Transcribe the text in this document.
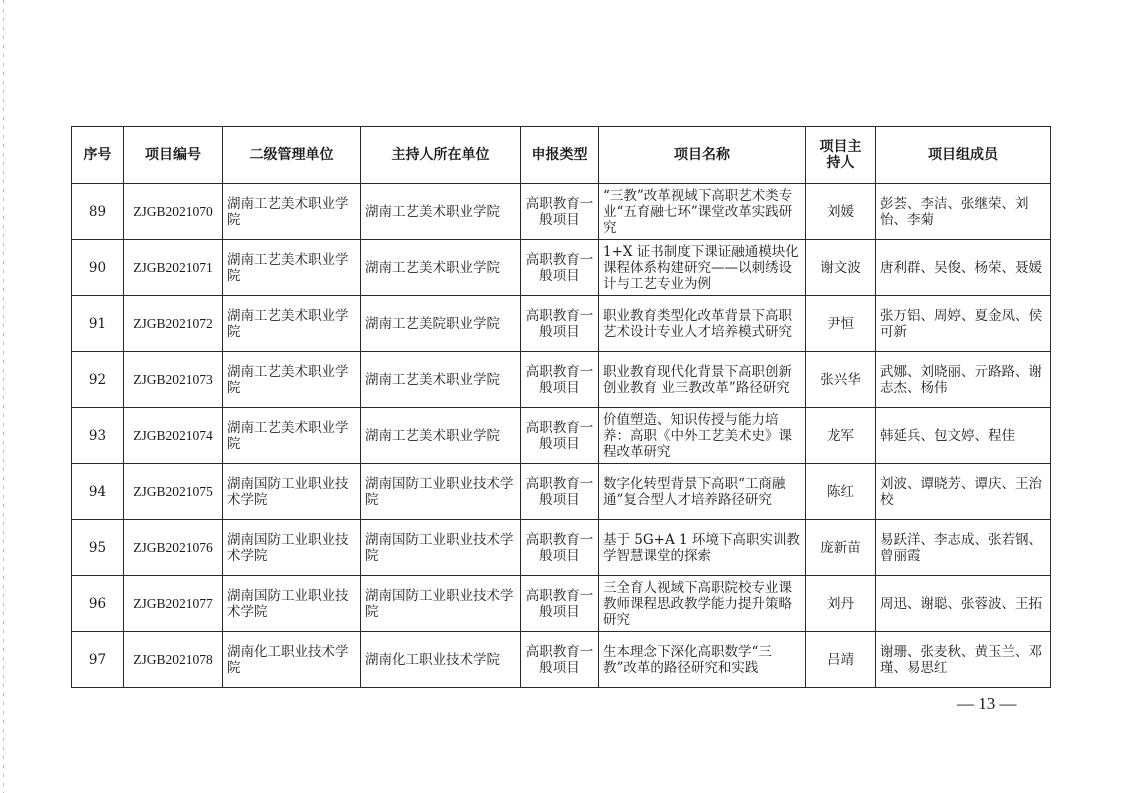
序号	项目编号	二级管理单位	主持人所在单位	申报类型	项目名称	项目主持人	项目组成员
89	ZJGB2021070	湖南工艺美术职业学院	湖南工艺美术职业学院	高职教育一般项目	“三教”改革视域下高职艺术类专业“五育融七环”课堂改革实践研究	刘媛	彭荟、李洁、张继荣、刘怡、李菊
90	ZJGB2021071	湖南工艺美术职业学院	湖南工艺美术职业学院	高职教育一般项目	1+X 证书制度下课证融通模块化课程体系构建研究——以刺绣设计与工艺专业为例	谢文波	唐利群、吴俊、杨荣、聂媛
91	ZJGB2021072	湖南工艺美术职业学院	湖南工艺美院职业学院	高职教育一般项目	职业教育类型化改革背景下高职艺术设计专业人才培养模式研究	尹恒	张万铝、周婷、夏金凤、侯可新
92	ZJGB2021073	湖南工艺美术职业学院	湖南工艺美术职业学院	高职教育一般项目	职业教育现代化背景下高职创新创业教育 业三教改革”路径研究	张兴华	武娜、刘晓丽、亓路路、谢志杰、杨伟
93	ZJGB2021074	湖南工艺美术职业学院	湖南工艺美术职业学院	高职教育一般项目	价值塑造、知识传授与能力培养：高职《中外工艺美术史》课程改革研究	龙军	韩延兵、包文婷、程佳
94	ZJGB2021075	湖南国防工业职业技术学院	湖南国防工业职业技术学院	高职教育一般项目	数字化转型背景下高职“工商融通”复合型人才培养路径研究	陈红	刘波、谭晓芳、谭庆、王治校
95	ZJGB2021076	湖南国防工业职业技术学院	湖南国防工业职业技术学院	高职教育一般项目	基于 5G+A 1 环境下高职实训教学智慧课堂的探索	庞新苗	易跃洋、李志成、张若钢、曾丽霞
96	ZJGB2021077	湖南国防工业职业技术学院	湖南国防工业职业技术学院	高职教育一般项目	三全育人视域下高职院校专业课教师课程思政教学能力提升策略研究	刘丹	周迅、谢聪、张蓉波、王拓
97	ZJGB2021078	湖南化工职业技术学院	湖南化工职业技术学院	高职教育一般项目	生本理念下深化高职数学“三教”改革的路径研究和实践	吕靖	谢珊、张麦秋、黄玉兰、邓瑾、易思红
— 13 —
